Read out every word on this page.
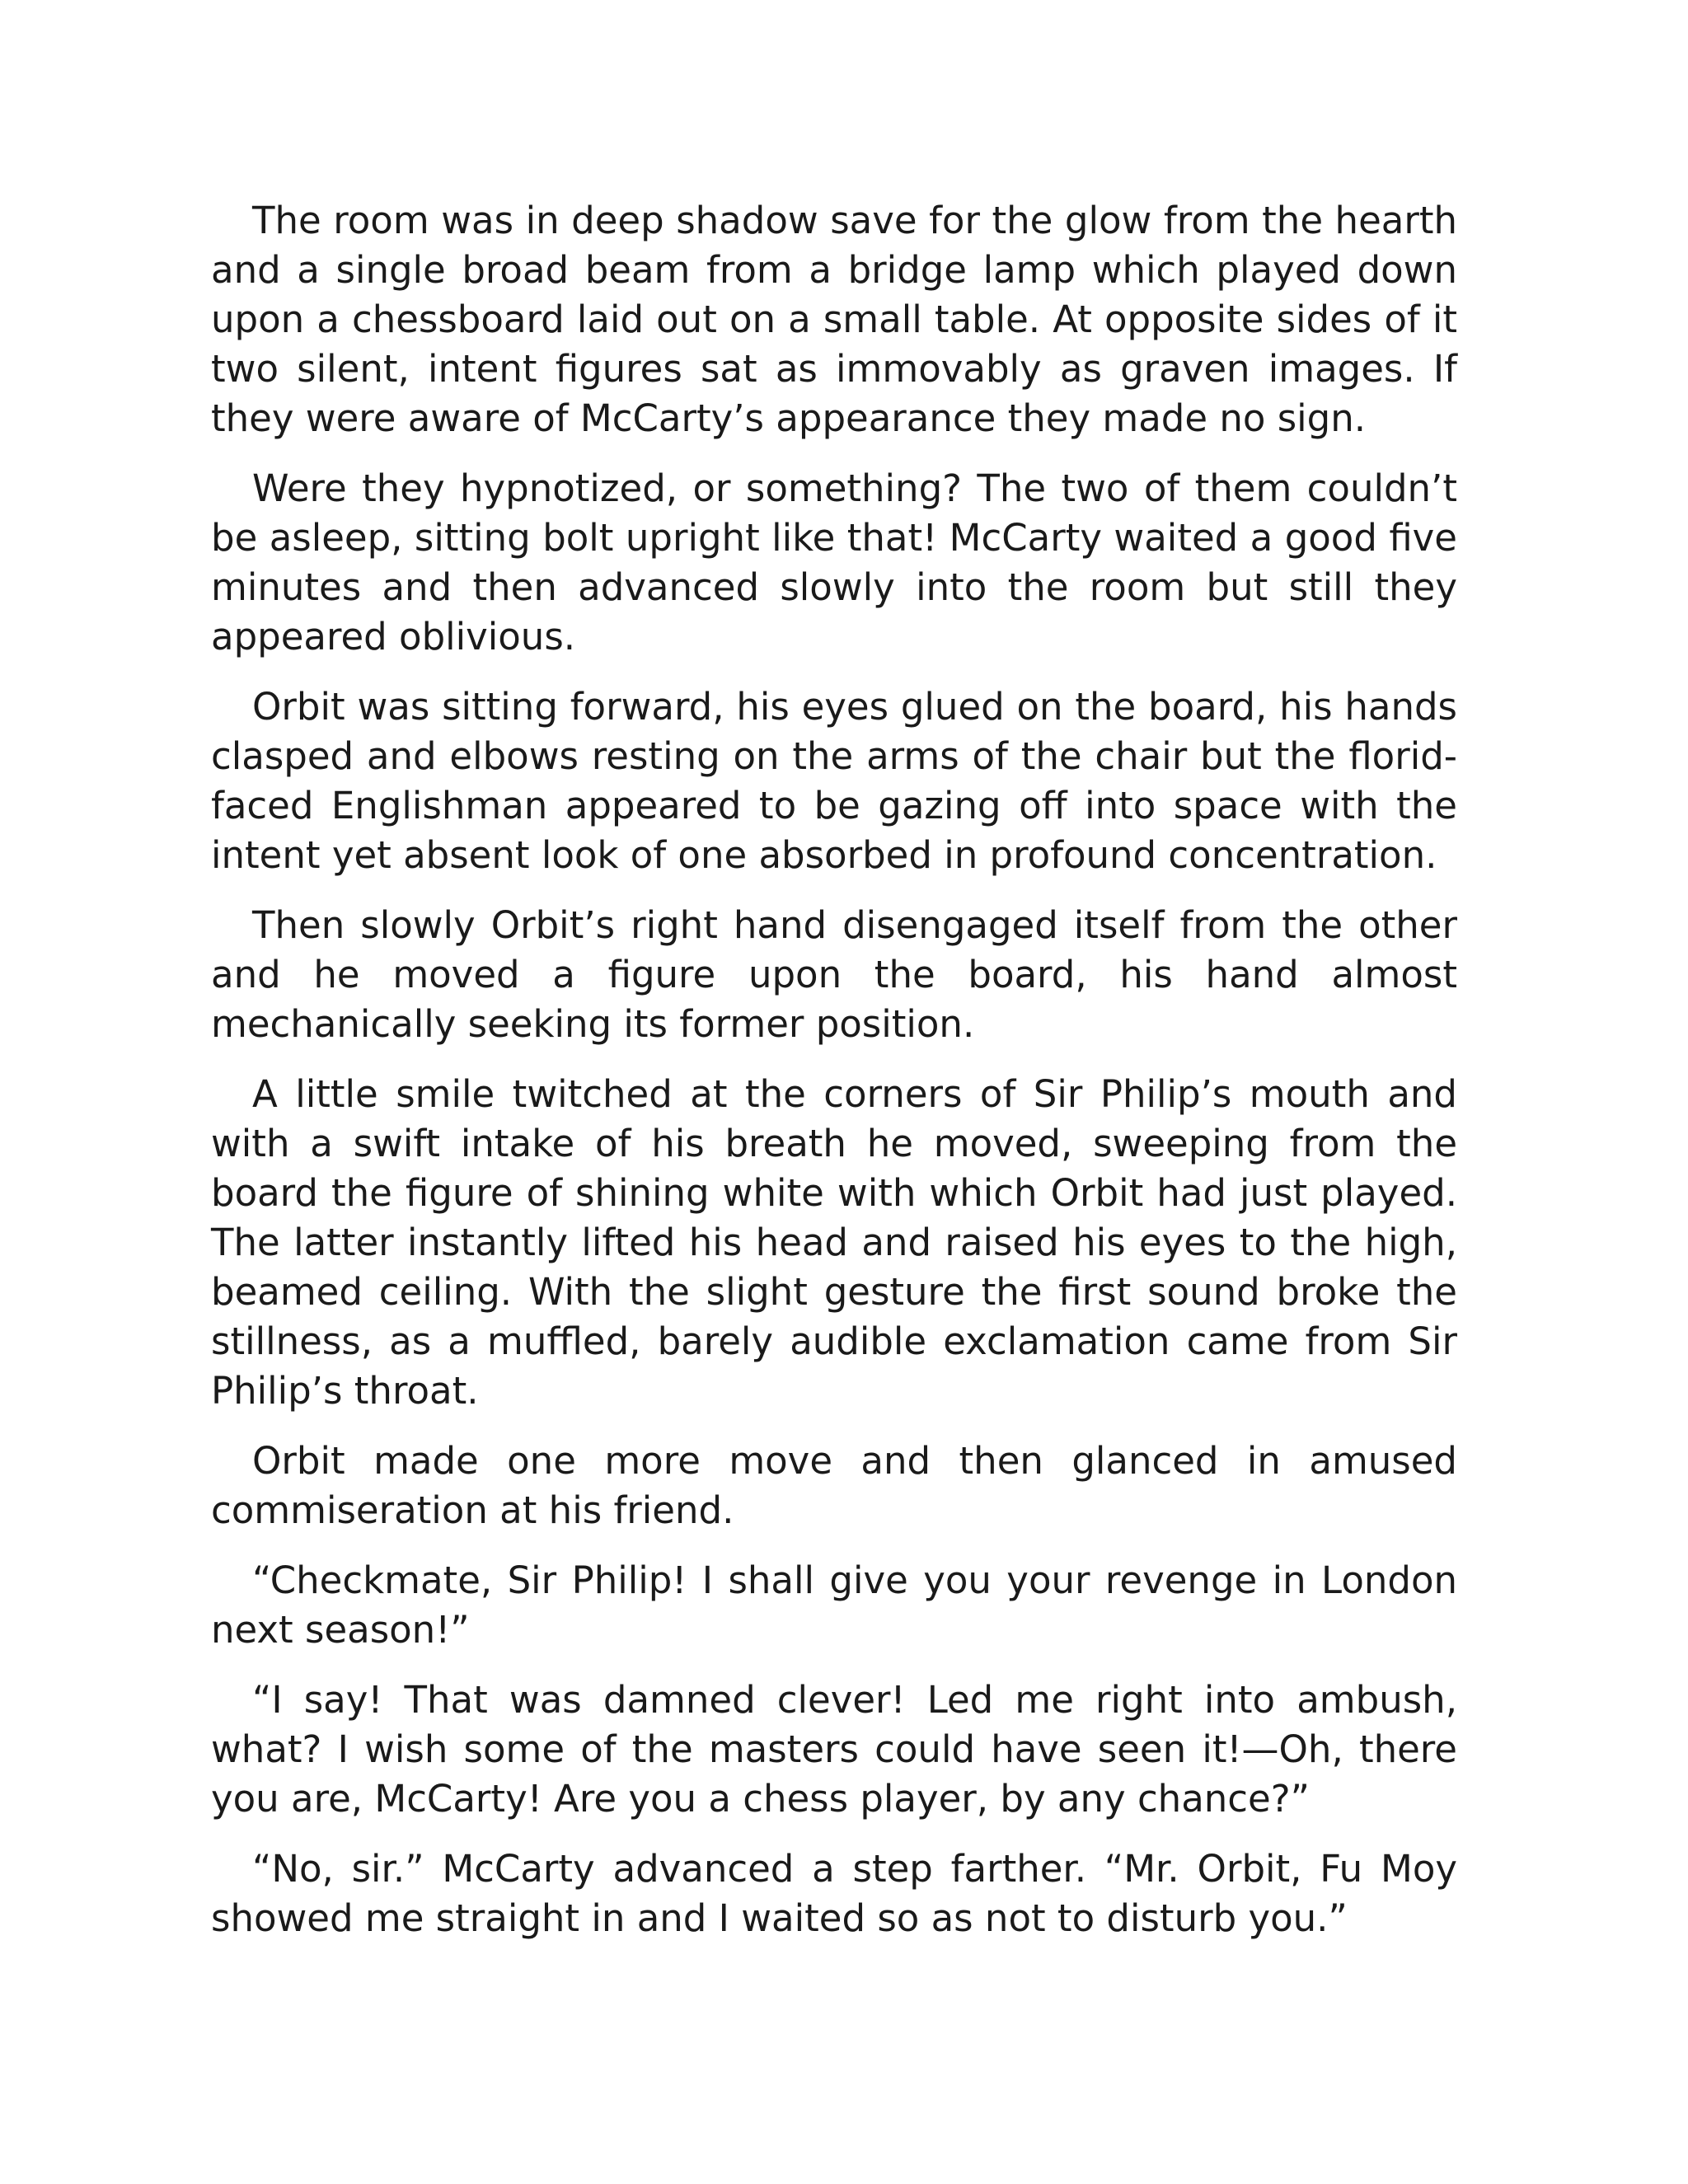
The room was in deep shadow save for the glow from the hearth and a single broad beam from a bridge lamp which played down upon a chessboard laid out on a small table. At opposite sides of it two silent, intent figures sat as immovably as graven images. If they were aware of McCarty’s appearance they made no sign.

Were they hypnotized, or something? The two of them couldn’t be asleep, sitting bolt upright like that! McCarty waited a good five minutes and then advanced slowly into the room but still they appeared oblivious.

Orbit was sitting forward, his eyes glued on the board, his hands clasped and elbows resting on the arms of the chair but the florid-faced Englishman appeared to be gazing off into space with the intent yet absent look of one absorbed in profound concentration.

Then slowly Orbit’s right hand disengaged itself from the other and he moved a figure upon the board, his hand almost mechanically seeking its former position.

A little smile twitched at the corners of Sir Philip’s mouth and with a swift intake of his breath he moved, sweeping from the board the figure of shining white with which Orbit had just played. The latter instantly lifted his head and raised his eyes to the high, beamed ceiling. With the slight gesture the first sound broke the stillness, as a muffled, barely audible exclamation came from Sir Philip’s throat.

Orbit made one more move and then glanced in amused commiseration at his friend.

“Checkmate, Sir Philip! I shall give you your revenge in London next season!”

“I say! That was damned clever! Led me right into ambush, what? I wish some of the masters could have seen it!—Oh, there you are, McCarty! Are you a chess player, by any chance?”

“No, sir.” McCarty advanced a step farther. “Mr. Orbit, Fu Moy showed me straight in and I waited so as not to disturb you.”
